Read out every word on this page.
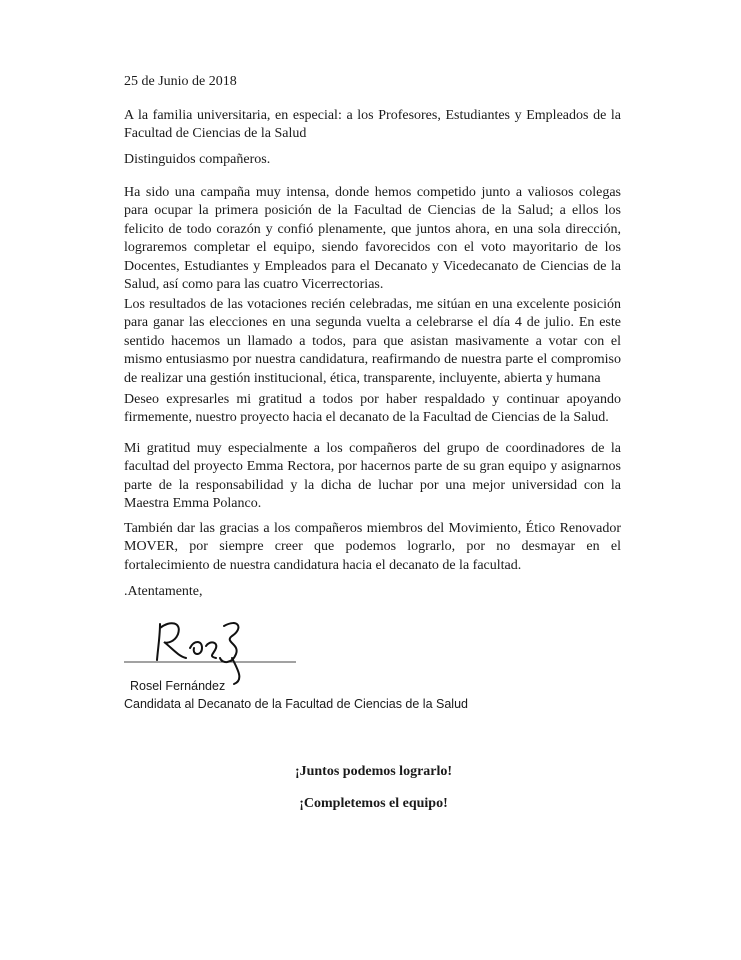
25 de Junio de 2018
A la familia universitaria, en especial: a los Profesores, Estudiantes y Empleados de la Facultad de Ciencias de la Salud
Distinguidos compañeros.
Ha sido una campaña muy intensa, donde hemos competido junto a valiosos colegas para ocupar la primera posición de la Facultad de Ciencias de la Salud; a ellos los felicito de todo corazón y confió plenamente, que juntos ahora, en una sola dirección, lograremos completar el equipo, siendo favorecidos con el voto mayoritario de los Docentes, Estudiantes y Empleados para el Decanato y Vicedecanato de Ciencias de la Salud, así como para las cuatro Vicerrectorias.
Los resultados de las votaciones recién celebradas, me sitúan en una excelente posición para ganar las elecciones en una segunda vuelta a celebrarse el día 4 de julio. En este sentido hacemos un llamado a todos, para que asistan masivamente a votar con el mismo entusiasmo por nuestra candidatura, reafirmando de nuestra parte el compromiso de realizar una gestión institucional, ética, transparente, incluyente, abierta y humana
Deseo expresarles mi gratitud a todos por haber respaldado y continuar apoyando firmemente, nuestro proyecto hacia el decanato de la Facultad de Ciencias de la Salud.
Mi gratitud muy especialmente a los compañeros del grupo de coordinadores de la facultad del proyecto Emma Rectora, por hacernos parte de su gran equipo y asignarnos parte de la responsabilidad y la dicha de luchar por una mejor universidad con la Maestra Emma Polanco.
También dar las gracias a los compañeros miembros del Movimiento, Ético Renovador MOVER, por siempre creer que podemos lograrlo, por no desmayar en el fortalecimiento de nuestra candidatura hacia el decanato de la facultad.
.Atentamente,
Rosel Fernández
Candidata al Decanato de la Facultad de Ciencias de la Salud
¡Juntos podemos lograrlo!
¡Completemos el equipo!
